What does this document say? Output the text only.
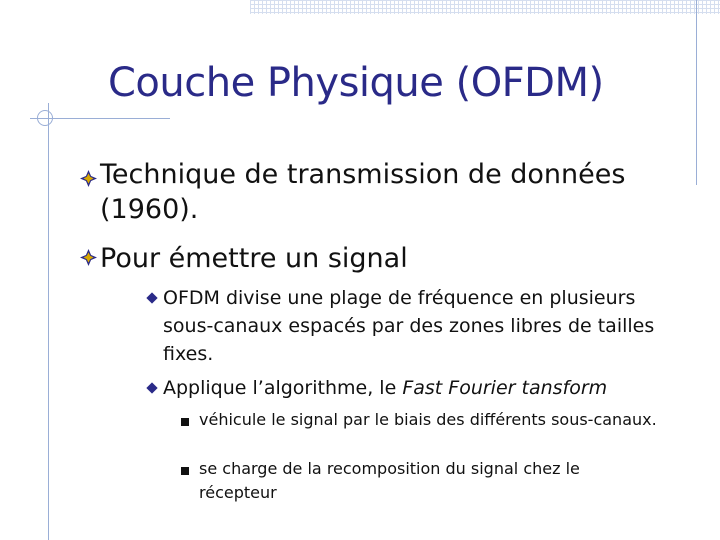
Couche Physique (OFDM)
Technique de transmission de données (1960).
Pour émettre un signal
OFDM divise une plage de fréquence en plusieurs sous-canaux espacés par des zones libres de tailles fixes.
Applique l’algorithme, le Fast Fourier tansform
véhicule le signal par le biais des différents sous-canaux.
se charge de la recomposition du signal chez le récepteur
